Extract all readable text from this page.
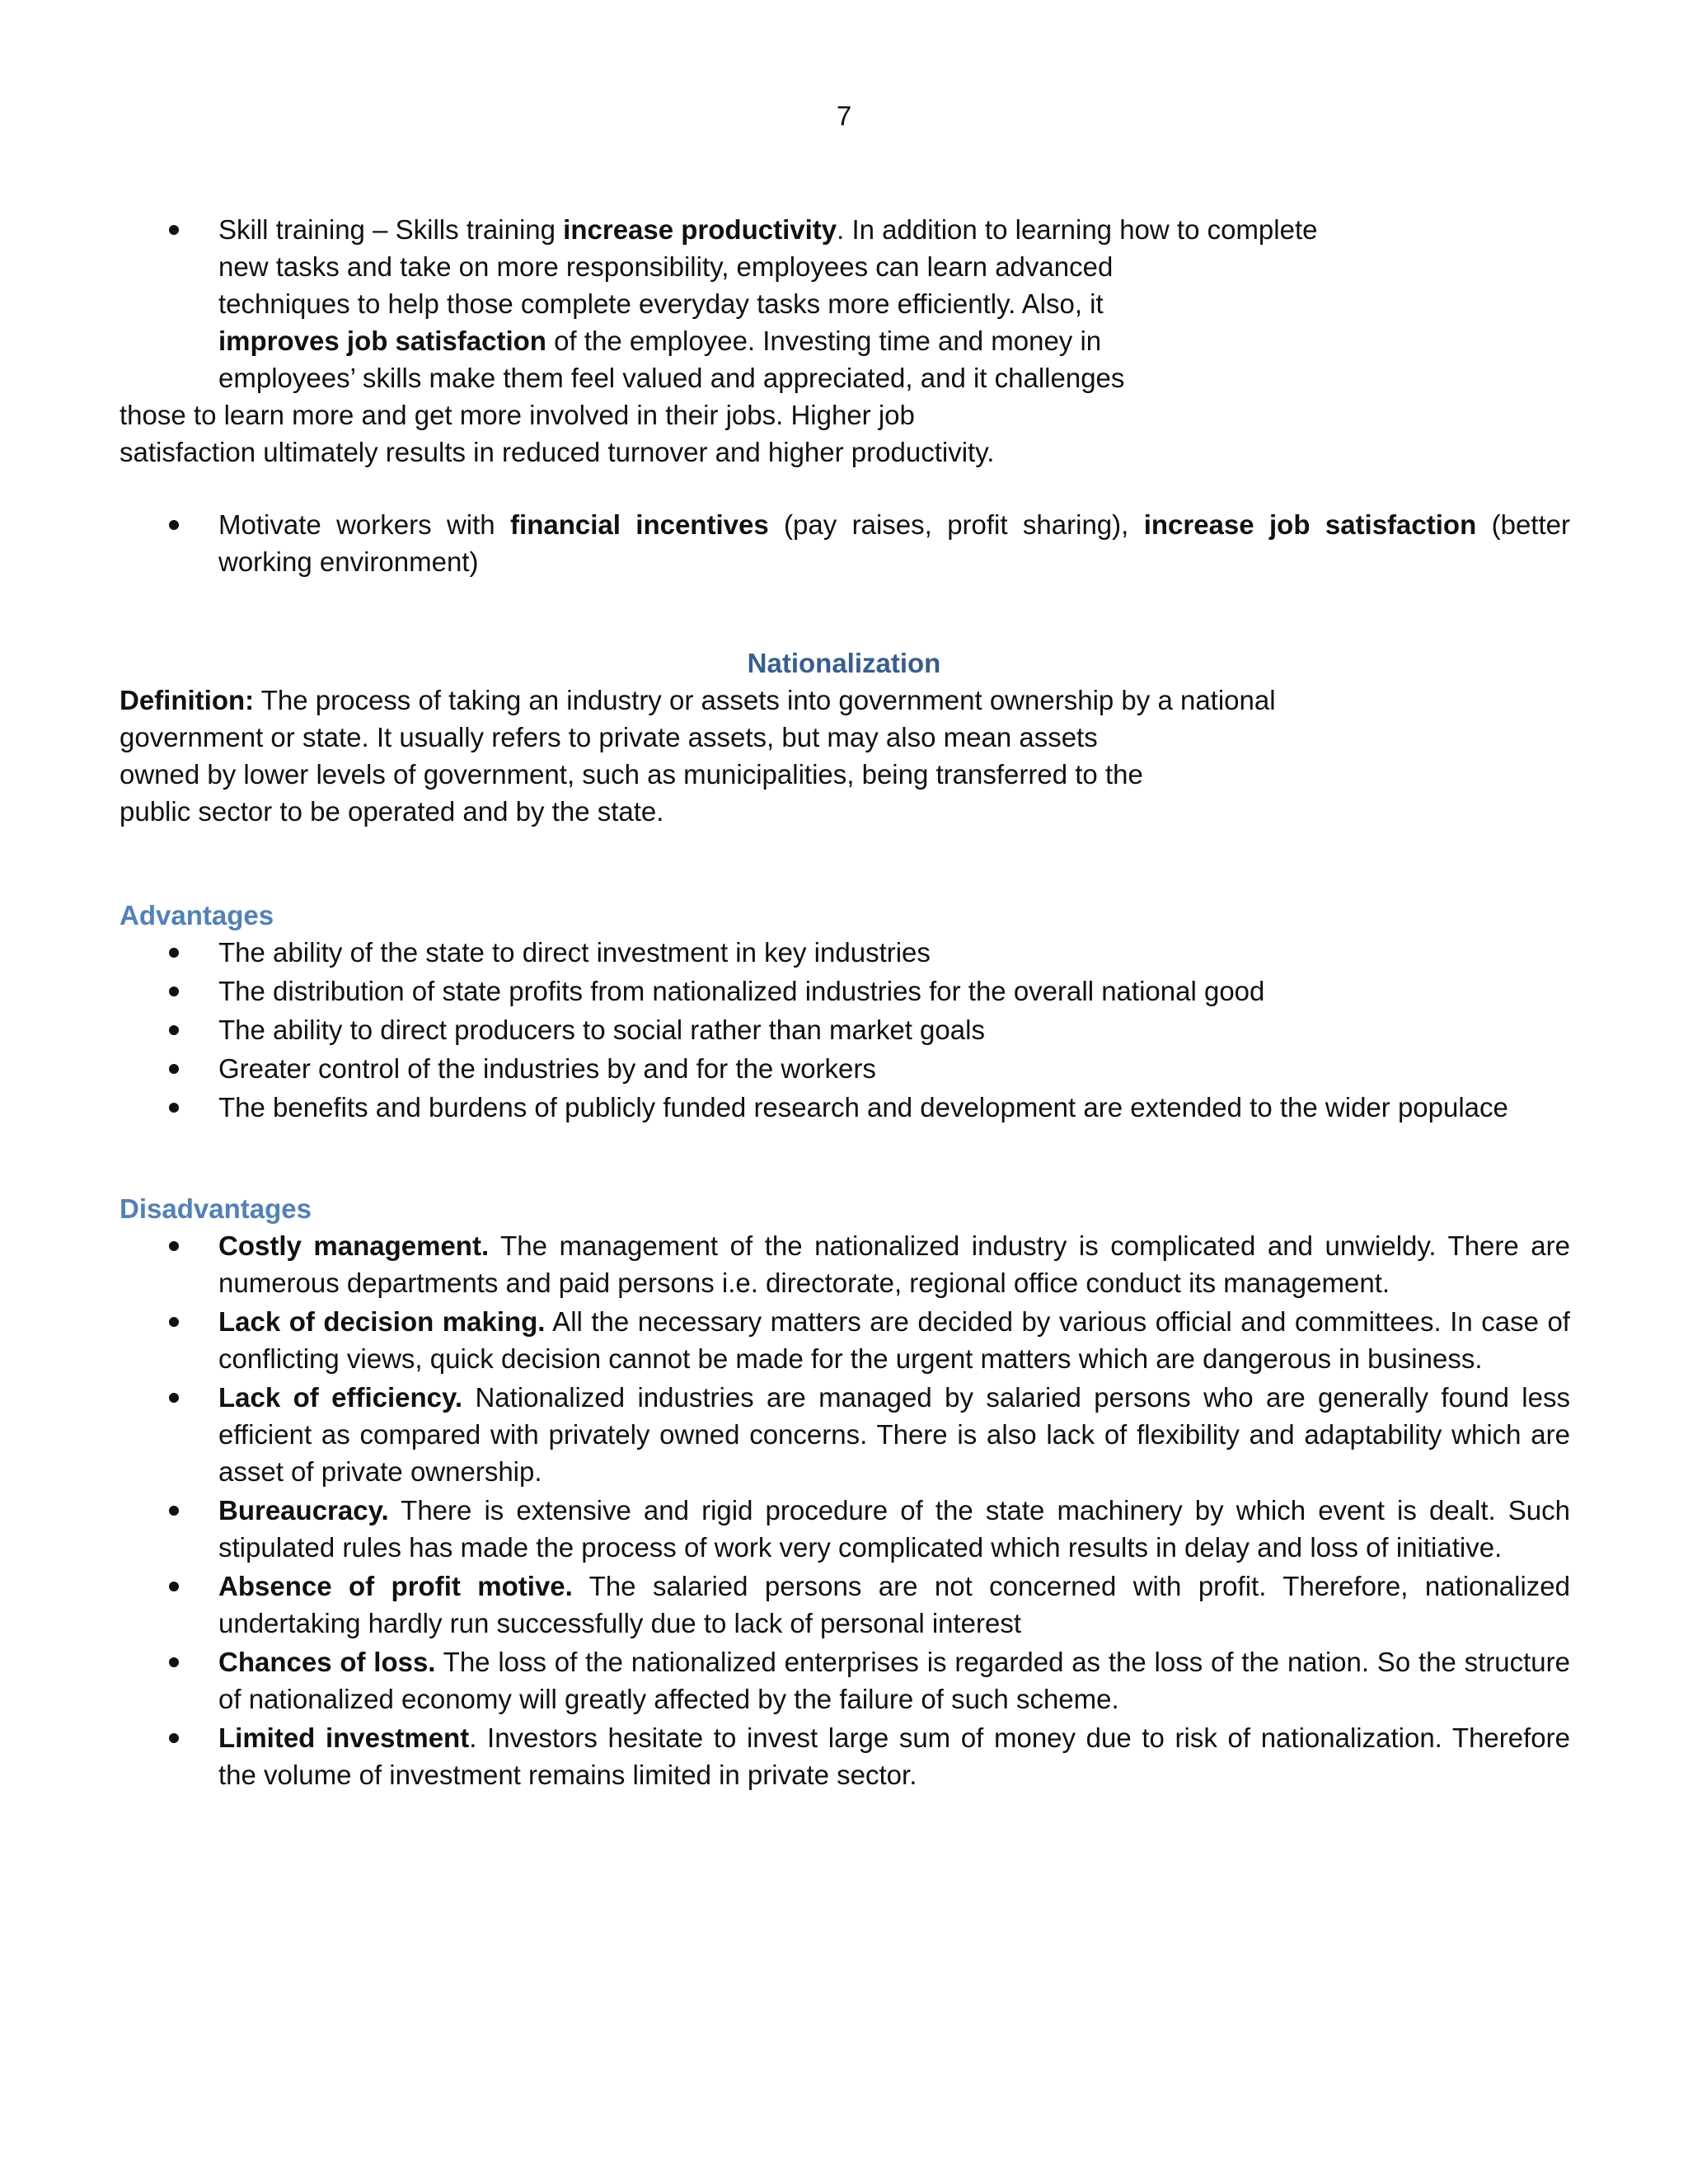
7
Skill training – Skills training increase productivity. In addition to learning how to complete
new tasks and take on more responsibility, employees can learn advanced
techniques to help those complete everyday tasks more efficiently. Also, it
improves job satisfaction of the employee. Investing time and money in
employees’ skills make them feel valued and appreciated, and it challenges
those to learn more and get more involved in their jobs. Higher job
satisfaction ultimately results in reduced turnover and higher productivity.
Motivate workers with financial incentives (pay raises, profit sharing), increase job satisfaction (better working environment)
Nationalization
Definition: The process of taking an industry or assets into government ownership by a national
government or state. It usually refers to private assets, but may also mean assets
owned by lower levels of government, such as municipalities, being transferred to the
public sector to be operated and by the state.
Advantages
The ability of the state to direct investment in key industries
The distribution of state profits from nationalized industries for the overall national good
The ability to direct producers to social rather than market goals
Greater control of the industries by and for the workers
The benefits and burdens of publicly funded research and development are extended to the wider populace
Disadvantages
Costly management. The management of the nationalized industry is complicated and unwieldy. There are numerous departments and paid persons i.e. directorate, regional office conduct its management.
Lack of decision making. All the necessary matters are decided by various official and committees. In case of conflicting views, quick decision cannot be made for the urgent matters which are dangerous in business.
Lack of efficiency. Nationalized industries are managed by salaried persons who are generally found less efficient as compared with privately owned concerns. There is also lack of flexibility and adaptability which are asset of private ownership.
Bureaucracy. There is extensive and rigid procedure of the state machinery by which event is dealt. Such stipulated rules has made the process of work very complicated which results in delay and loss of initiative.
Absence of profit motive. The salaried persons are not concerned with profit. Therefore, nationalized undertaking hardly run successfully due to lack of personal interest
Chances of loss. The loss of the nationalized enterprises is regarded as the loss of the nation. So the structure of nationalized economy will greatly affected by the failure of such scheme.
Limited investment. Investors hesitate to invest large sum of money due to risk of nationalization. Therefore the volume of investment remains limited in private sector.
